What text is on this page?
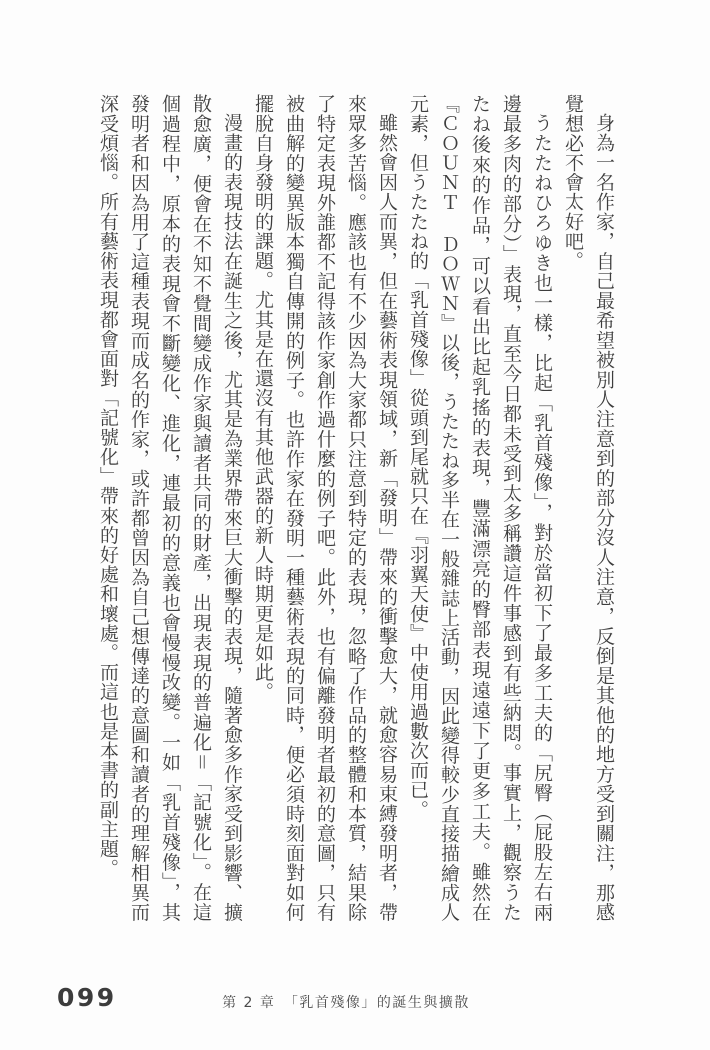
身為一名作家，自己最希望被別人注意到的部分沒人注意，反倒是其他的地方受到關注，那感覺想必不會太好吧。

うたたねひろゆき也一樣，比起「乳首殘像」，對於當初下了最多工夫的「尻臀（屁股左右兩邊最多肉的部分）」表現，直至今日都未受到太多稱讚這件事感到有些納悶。事實上，觀察うたたね後來的作品，可以看出比起乳搖的表現，豐滿漂亮的臀部表現遠遠下了更多工夫。雖然在『ＣＯＵＮＴ ＤＯＷＮ』以後，うたたね多半在一般雜誌上活動，因此變得較少直接描繪成人元素，但うたたね的「乳首殘像」從頭到尾就只在『羽翼天使』中使用過數次而已。

雖然會因人而異，但在藝術表現領域，新「發明」帶來的衝擊愈大，就愈容易束縛發明者，帶來眾多苦惱。應該也有不少因為大家都只注意到特定的表現，忽略了作品的整體和本質，結果除了特定表現外誰都不記得該作家創作過什麼的例子吧。此外，也有偏離發明者最初的意圖，只有被曲解的變異版本獨自傳開的例子。也許作家在發明一種藝術表現的同時，便必須時刻面對如何擺脫自身發明的課題。尤其是在還沒有其他武器的新人時期更是如此。

漫畫的表現技法在誕生之後，尤其是為業界帶來巨大衝擊的表現，隨著愈多作家受到影響、擴散愈廣，便會在不知不覺間變成作家與讀者共同的財產，出現表現的普遍化＝「記號化」。在這個過程中，原本的表現會不斷變化、進化，連最初的意義也會慢慢改變。一如「乳首殘像」，其發明者和因為用了這種表現而成名的作家，或許都曾因為自己想傳達的意圖和讀者的理解相異而深受煩惱。所有藝術表現都會面對「記號化」帶來的好處和壞處。而這也是本書的副主題。

099	第 2 章　「乳首殘像」的誕生與擴散
